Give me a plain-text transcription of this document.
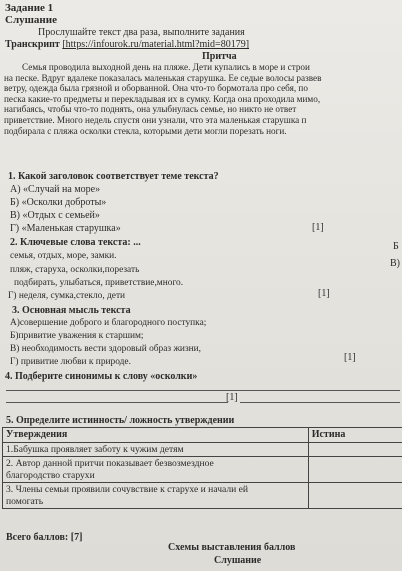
Задание 1
Слушание
Прослушайте текст два раза, выполните задания
Транскрипт [https://infourok.ru/material.html?mid=80179]
Притча
Семья проводила выходной день на пляже. Дети купались в море и строи
на песке. Вдруг вдалеке показалась маленькая старушка. Ее седые волосы развев
ветру, одежда была грязной и оборванной. Она что-то бормотала про себя, по
песка какие-то предметы и перекладывая их в сумку. Когда она проходила мимо,
нагибаясь, чтобы что-то поднять, она улыбнулась семье, но никто не ответ
приветствие. Много недель спустя они узнали, что эта маленькая старушка п
подбирала с пляжа осколки стекла, которыми дети могли порезать ноги.
1. Какой заголовок соответствует теме текста?
А) «Случай на море»
Б) «Осколки доброты»
В) «Отдых с семьей»
Г) «Маленькая старушка»	[1]
2. Ключевые слова текста: ...
семья, отдых, море, замки.
пляж, старуха, осколки,порезать
подбирать, улыбаться, приветствие,много.
Г) неделя, сумка,стекло, дети	[1]
Б
В)
3. Основная мысль текста
А)совершение доброго и благородного поступка;
Б)привитие уважения к старшим;
В) необходимость вести здоровый образ жизни,
Г) привитие любви к природе.	[1]
4. Подберите синонимы к слову «осколки»
[1]
5. Определите истинность/ ложность утверждении
Утверждения	Истина
1.Бабушка проявляет заботу к чужим детям	

2. Автор данной притчи показывает безвозмездное
благородство старухи	

3. Члены семьи проявили сочувствие к старухе и начали ей
помогать	

Всего баллов: [7]
Схемы выставления баллов
Слушание
